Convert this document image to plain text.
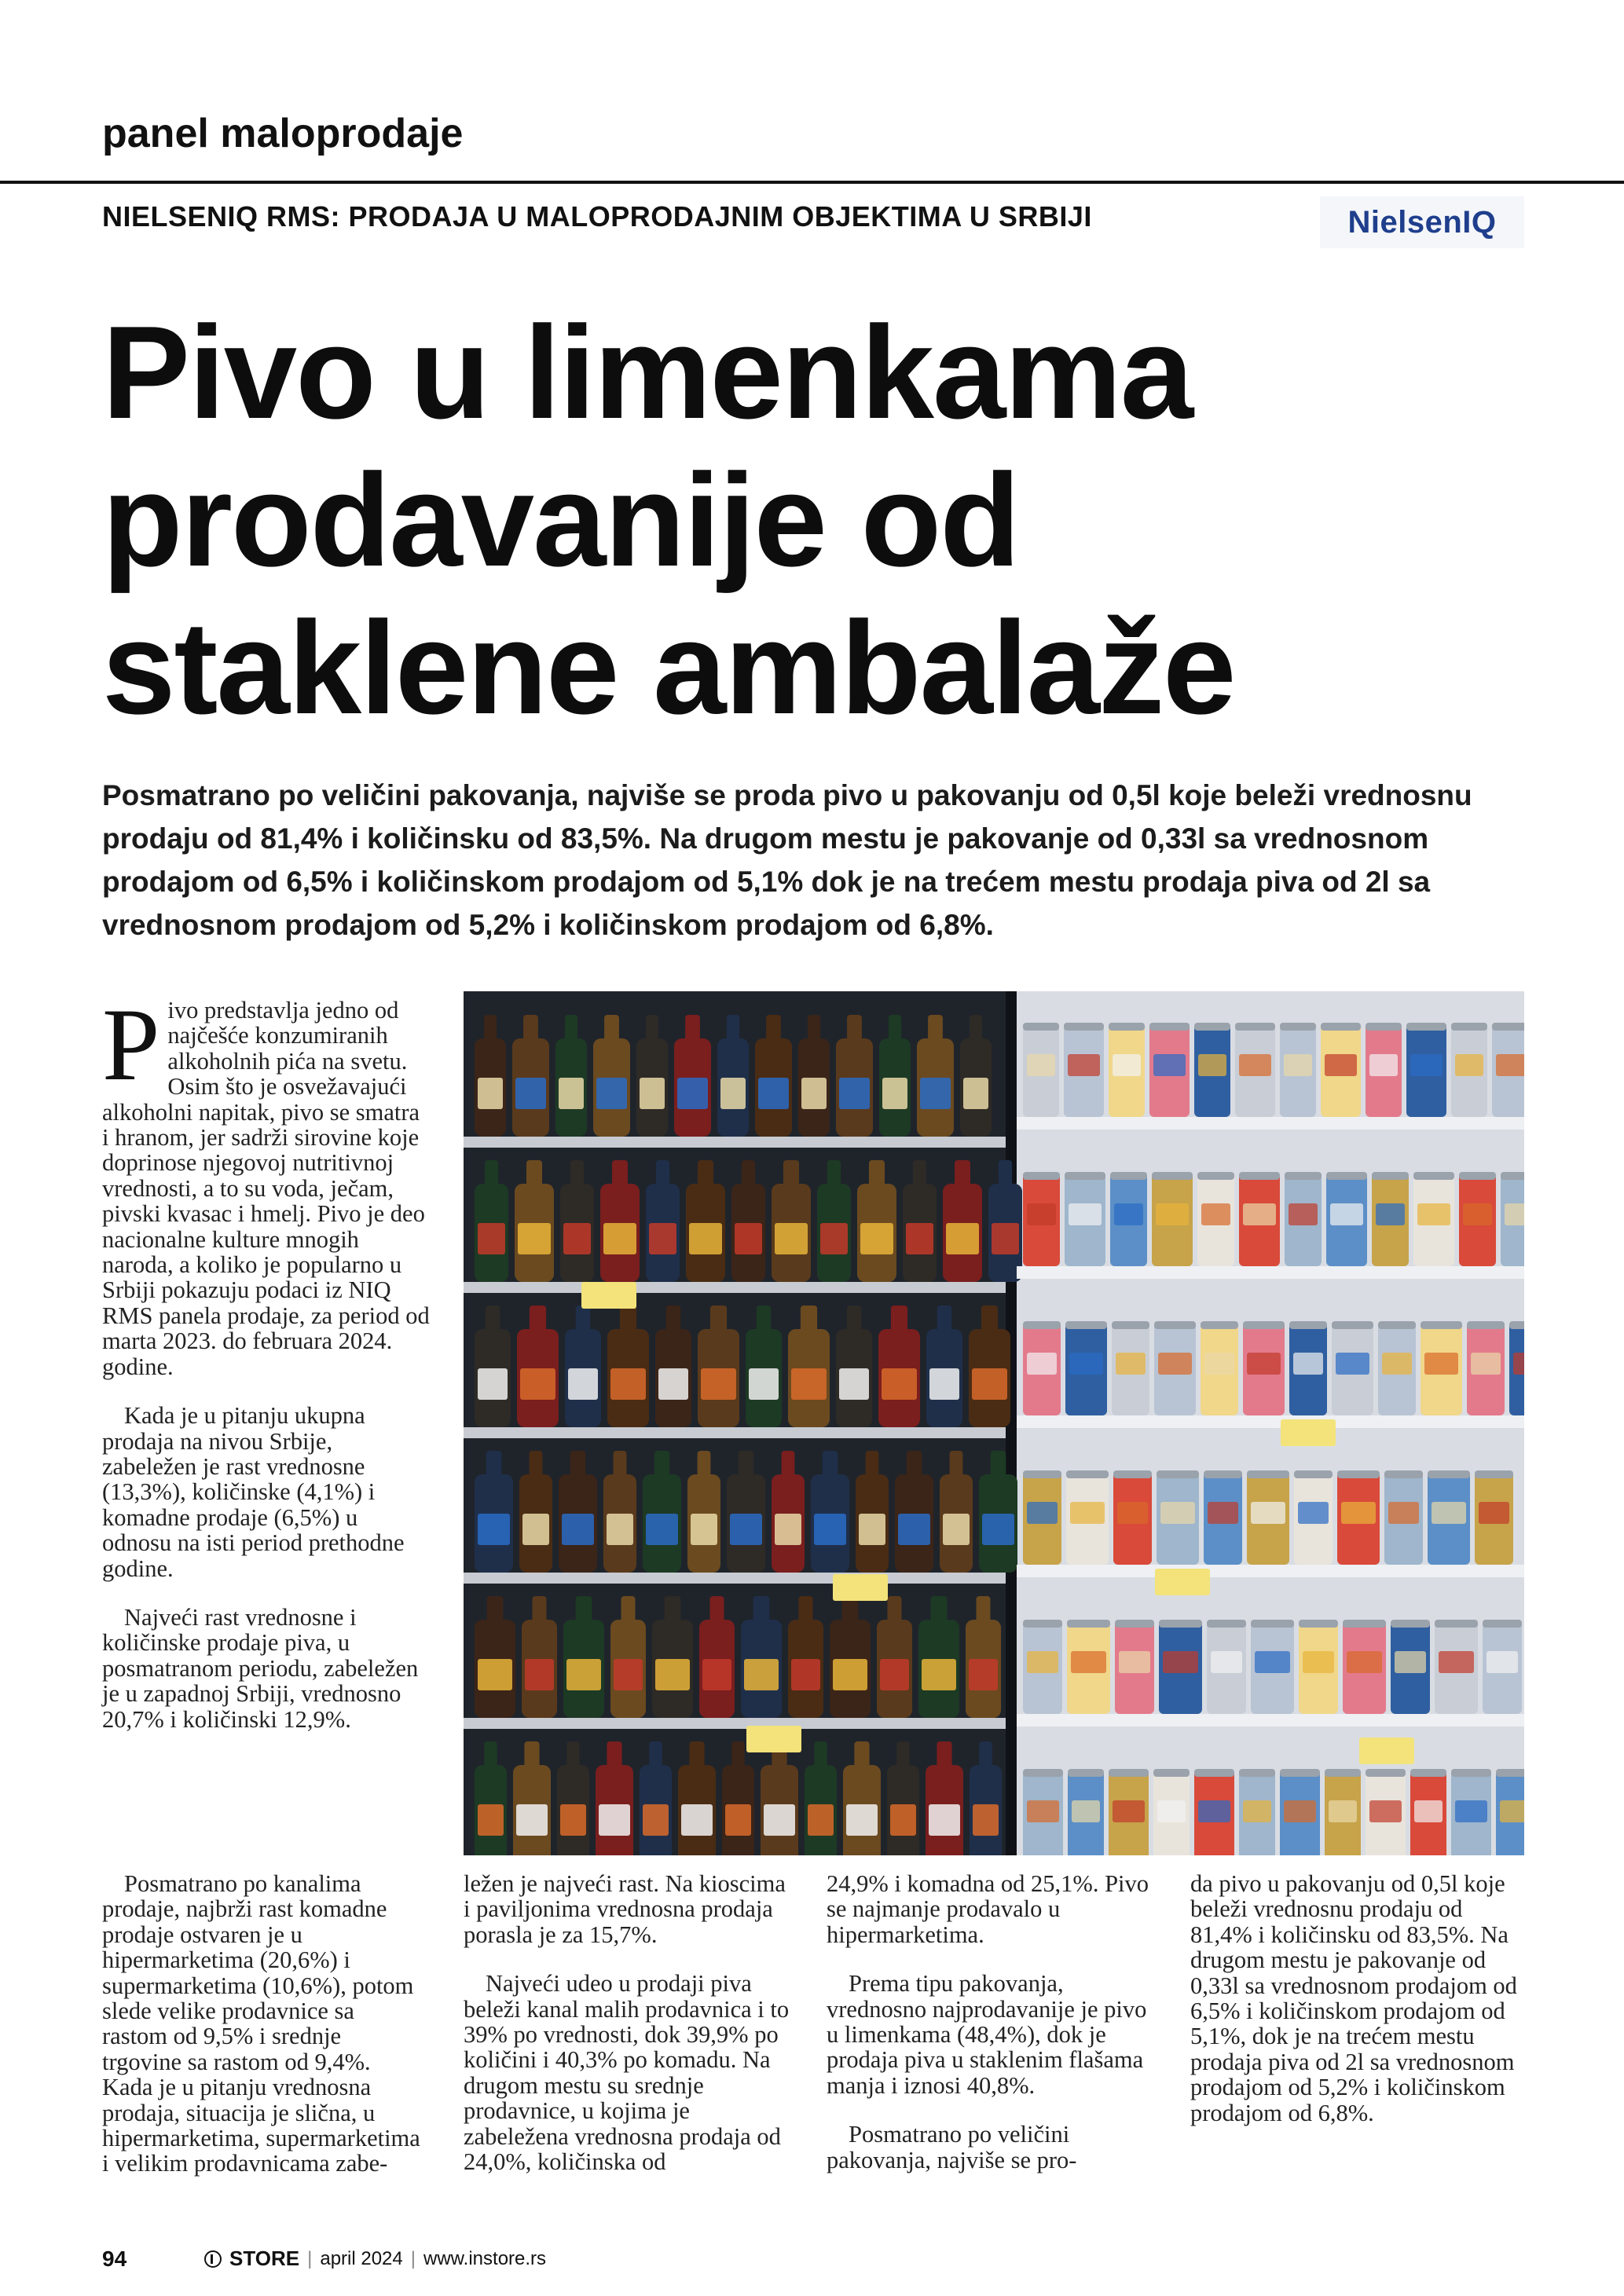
panel maloprodaje
NIELSENIQ RMS: PRODAJA U MALOPRODAJNIM OBJEKTIMA U SRBIJI	NielsenIQ
Pivo u limenkama
prodavanije od
staklene ambalaže
Posmatrano po veličini pakovanja, najviše se proda pivo u pakovanju od 0,5l koje beleži vrednosnu prodaju od 81,4% i količinsku od 83,5%. Na drugom mestu je pakovanje od 0,33l sa vrednosnom prodajom od 6,5% i količinskom prodajom od 5,1% dok je na trećem mestu prodaja piva od 2l sa vrednosnom prodajom od 5,2% i količinskom prodajom od 6,8%.

Pivo predstavlja jedno od najčešće konzumiranih alkoholnih pića na svetu. Osim što je osvežavajući alkoholni napitak, pivo se smatra i hranom, jer sadrži sirovine koje doprinose njegovoj nutritivnoj vrednosti, a to su voda, ječam, pivski kvasac i hmelj. Pivo je deo nacionalne kulture mnogih naroda, a koliko je popularno u Srbiji pokazuju podaci iz NIQ RMS panela prodaje, za period od marta 2023. do februara 2024. godine.

Kada je u pitanju ukupna prodaja na nivou Srbije, zabeležen je rast vrednosne (13,3%), količinske (4,1%) i komadne prodaje (6,5%) u odnosu na isti period prethodne godine.

Najveći rast vrednosne i količinske prodaje piva, u posmatranom periodu, zabeležen je u zapadnoj Srbiji, vrednosno 20,7% i količinski 12,9%.

Posmatrano po kanalima prodaje, najbrži rast komadne prodaje ostvaren je u hipermarketima (20,6%) i supermarketima (10,6%), potom slede velike prodavnice sa rastom od 9,5% i srednje trgovine sa rastom od 9,4%. Kada je u pitanju vrednosna prodaja, situacija je slična, u hipermarketima, supermarketima i velikim prodavnicama zabe-

ležen je najveći rast. Na kioscima i paviljonima vrednosna prodaja porasla je za 15,7%.

Najveći udeo u prodaji piva beleži kanal malih prodavnica i to 39% po vrednosti, dok 39,9% po količini i 40,3% po komadu. Na drugom mestu su srednje prodavnice, u kojima je zabeležena vrednosna prodaja od 24,0%, količinska od

24,9% i komadna od 25,1%. Pivo se najmanje prodavalo u hipermarketima.

Prema tipu pakovanja, vrednosno najprodavanije je pivo u limenkama (48,4%), dok je prodaja piva u staklenim flašama manja i iznosi 40,8%.

Posmatrano po veličini pakovanja, najviše se pro-

da pivo u pakovanju od 0,5l koje beleži vrednosnu prodaju od 81,4% i količinsku od 83,5%. Na drugom mestu je pakovanje od 0,33l sa vrednosnom prodajom od 6,5% i količinskom prodajom od 5,1%, dok je na trećem mestu prodaja piva od 2l sa vrednosnom prodajom od 5,2% i količinskom prodajom od 6,8%.

94	STORE | april 2024 | www.instore.rs
